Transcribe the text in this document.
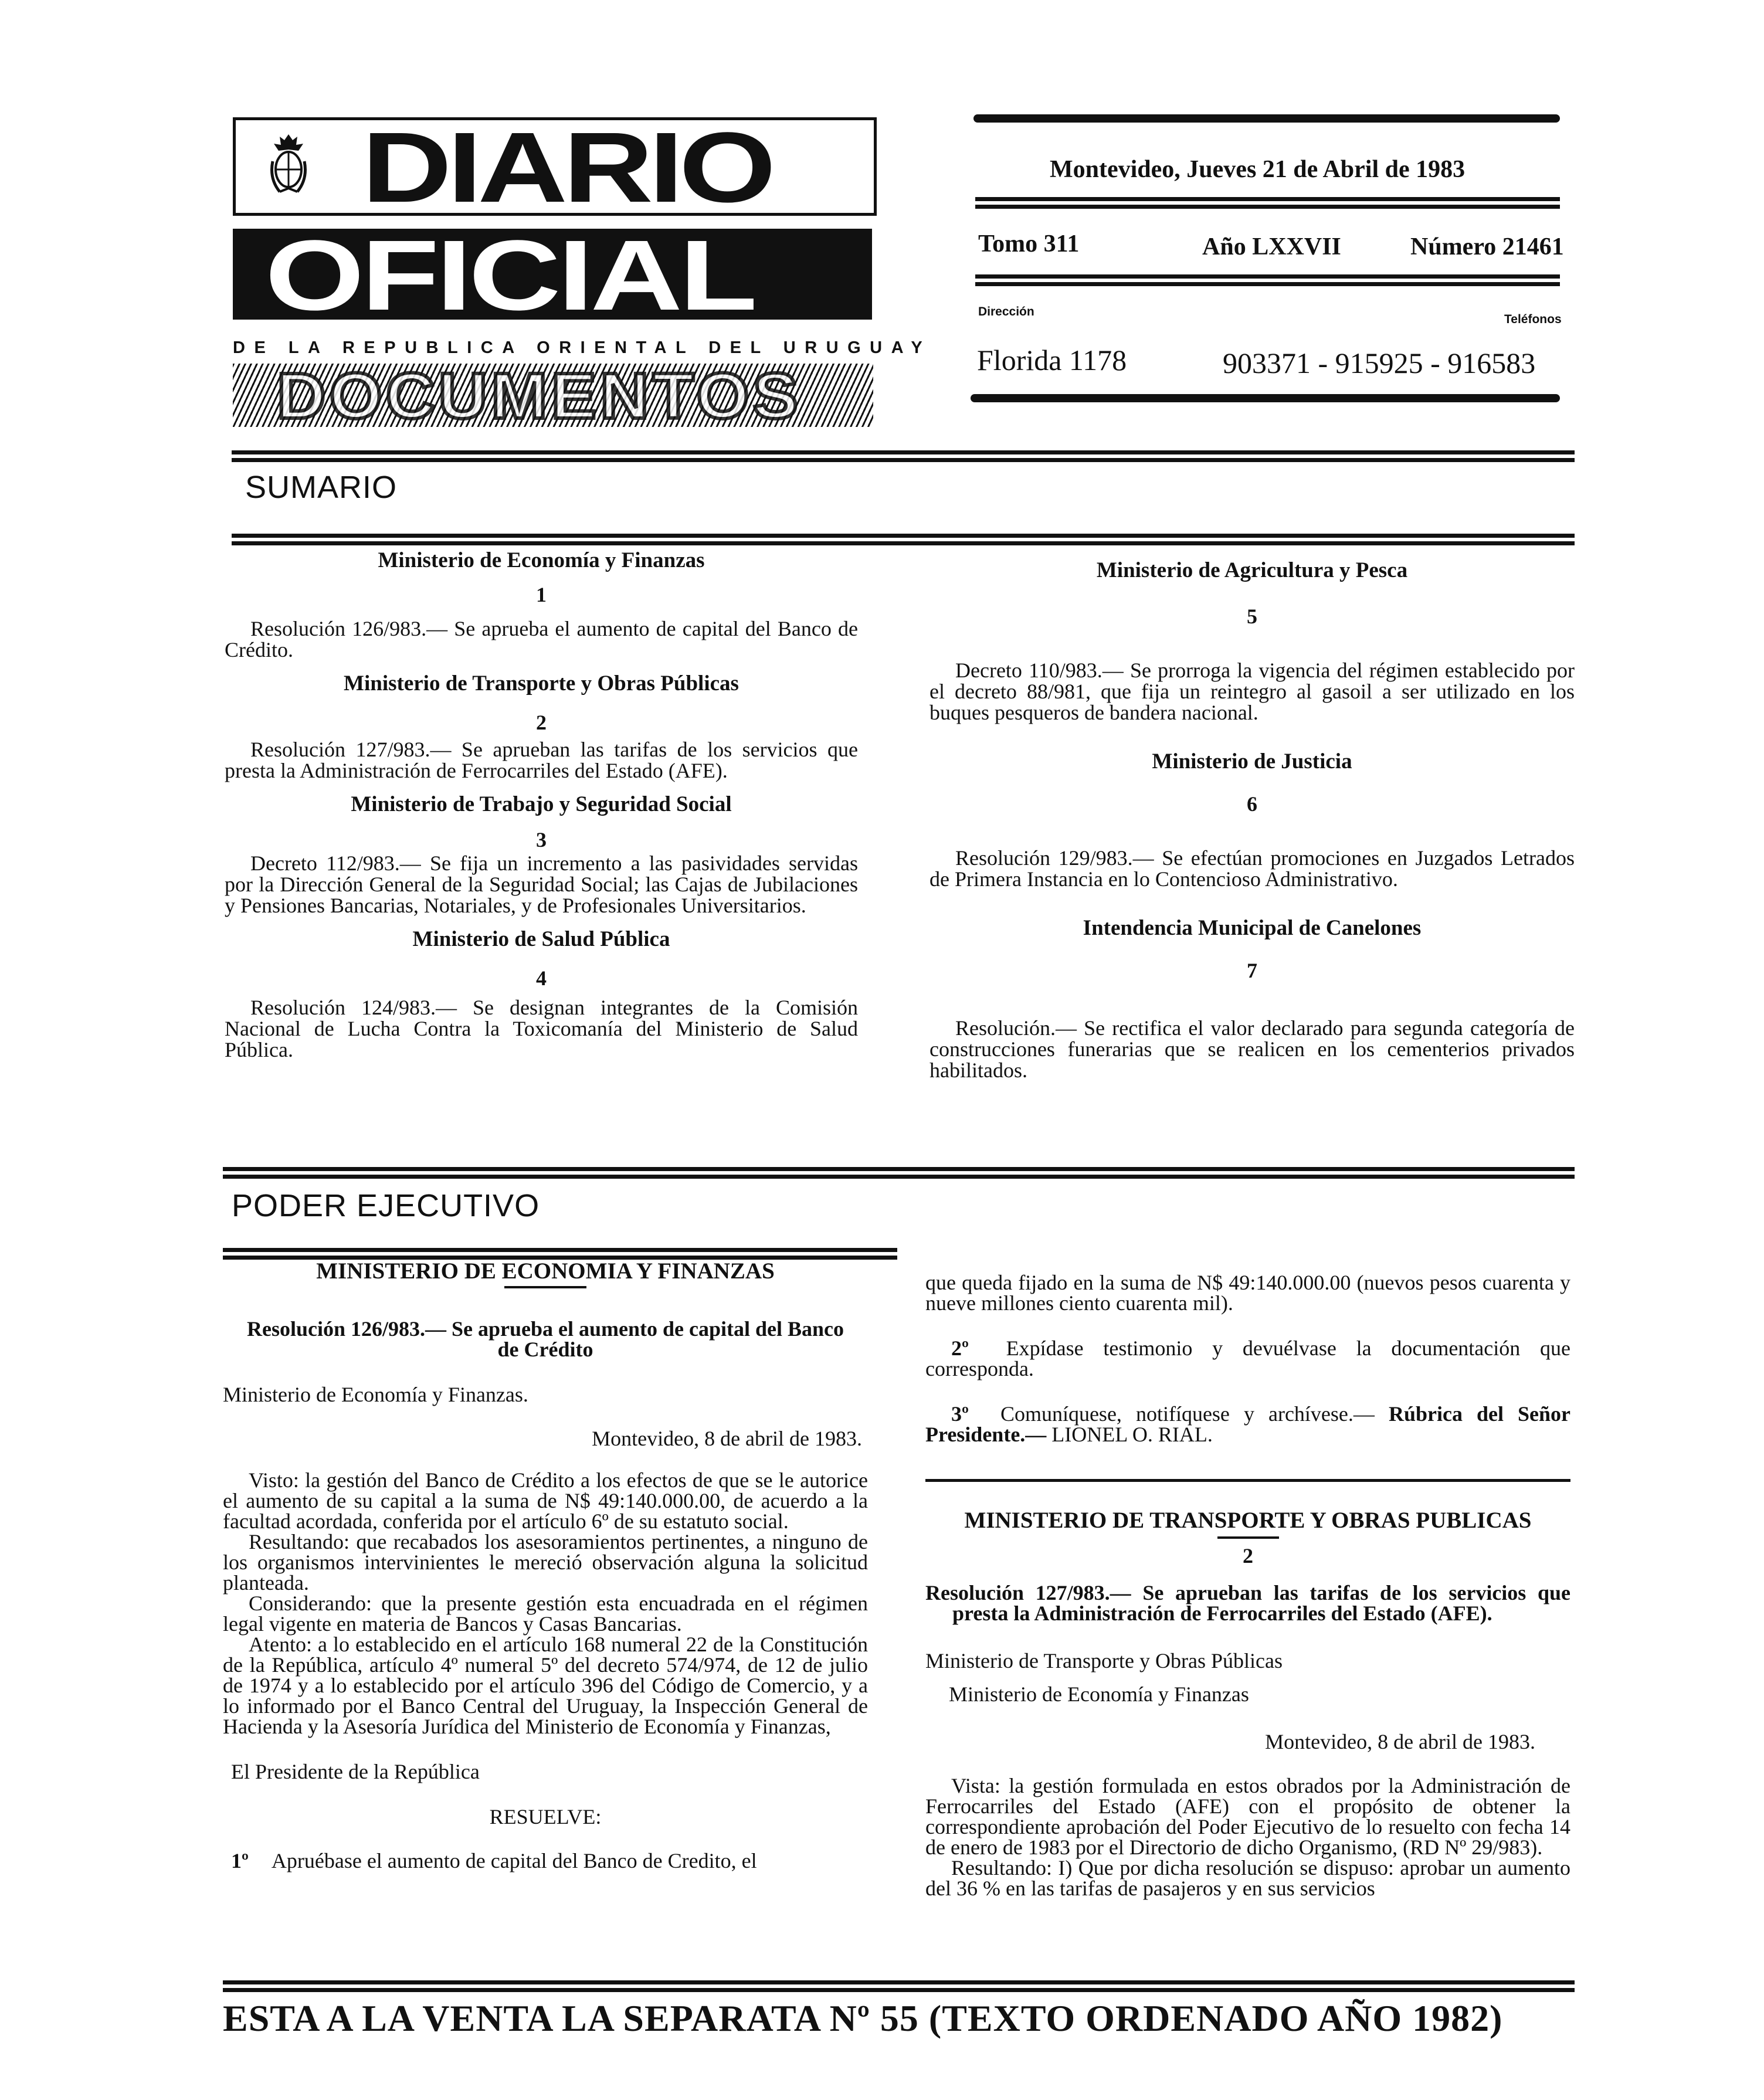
DIARIO
OFICIAL
DE LA REPUBLICA ORIENTAL DEL URUGUAY
DOCUMENTOS
Montevideo, Jueves 21 de Abril de 1983
Tomo 311	Año LXXVII	Número 21461
Dirección
Teléfonos
Florida 1178	903371 - 915925 - 916583
SUMARIO
Ministerio de Economía y Finanzas
1
Resolución 126/983.— Se aprueba el aumento de capital del Banco de Crédito.
Ministerio de Transporte y Obras Públicas
2
Resolución 127/983.— Se aprueban las tarifas de los servicios que presta la Administración de Ferrocarriles del Estado (AFE).
Ministerio de Trabajo y Seguridad Social
3
Decreto 112/983.— Se fija un incremento a las pasividades servidas por la Dirección General de la Seguridad Social; las Cajas de Jubilaciones y Pensiones Bancarias, Notariales, y de Profesionales Universitarios.
Ministerio de Salud Pública
4
Resolución 124/983.— Se designan integrantes de la Comisión Nacional de Lucha Contra la Toxicomanía del Ministerio de Salud Pública.
Ministerio de Agricultura y Pesca
5
Decreto 110/983.— Se prorroga la vigencia del régimen establecido por el decreto 88/981, que fija un reintegro al gasoil a ser utilizado en los buques pesqueros de bandera nacional.
Ministerio de Justicia
6
Resolución 129/983.— Se efectúan promociones en Juzgados Letrados de Primera Instancia en lo Contencioso Administrativo.
Intendencia Municipal de Canelones
7
Resolución.— Se rectifica el valor declarado para segunda categoría de construcciones funerarias que se realicen en los cementerios privados habilitados.
PODER EJECUTIVO
MINISTERIO DE ECONOMIA Y FINANZAS
Resolución 126/983.— Se aprueba el aumento de capital del Banco de Crédito

Ministerio de Economía y Finanzas.

Montevideo, 8 de abril de 1983.

Visto: la gestión del Banco de Crédito a los efectos de que se le autorice el aumento de su capital a la suma de N$ 49:140.000.00, de acuerdo a la facultad acordada, conferida por el artículo 6º de su estatuto social.

Resultando: que recabados los asesoramientos pertinentes, a ninguno de los organismos intervinientes le mereció observación alguna la solicitud planteada.

Considerando: que la presente gestión esta encuadrada en el régimen legal vigente en materia de Bancos y Casas Bancarias.

Atento: a lo establecido en el artículo 168 numeral 22 de la Constitución de la República, artículo 4º numeral 5º del decreto 574/974, de 12 de julio de 1974 y a lo establecido por el artículo 396 del Código de Comercio, y a lo informado por el Banco Central del Uruguay, la Inspección General de Hacienda y la Asesoría Jurídica del Ministerio de Economía y Finanzas,

El Presidente de la República

RESUELVE:

1º Apruébase el aumento de capital del Banco de Credito, el

que queda fijado en la suma de N$ 49:140.000.00 (nuevos pesos cuarenta y nueve millones ciento cuarenta mil).

2º Expídase testimonio y devuélvase la documentación que corresponda.

3º Comuníquese, notifíquese y archívese.— Rúbrica del Señor Presidente.— LIONEL O. RIAL.

MINISTERIO DE TRANSPORTE Y OBRAS PUBLICAS
2
Resolución 127/983.— Se aprueban las tarifas de los servicios que presta la Administración de Ferrocarriles del Estado (AFE).

Ministerio de Transporte y Obras Públicas

Ministerio de Economía y Finanzas

Montevideo, 8 de abril de 1983.

Vista: la gestión formulada en estos obrados por la Administración de Ferrocarriles del Estado (AFE) con el propósito de obtener la correspondiente aprobación del Poder Ejecutivo de lo resuelto con fecha 14 de enero de 1983 por el Directorio de dicho Organismo, (RD Nº 29/983).

Resultando: I) Que por dicha resolución se dispuso: aprobar un aumento del 36 % en las tarifas de pasajeros y en sus servicios

ESTA A LA VENTA LA SEPARATA Nº 55 (TEXTO ORDENADO AÑO 1982)
